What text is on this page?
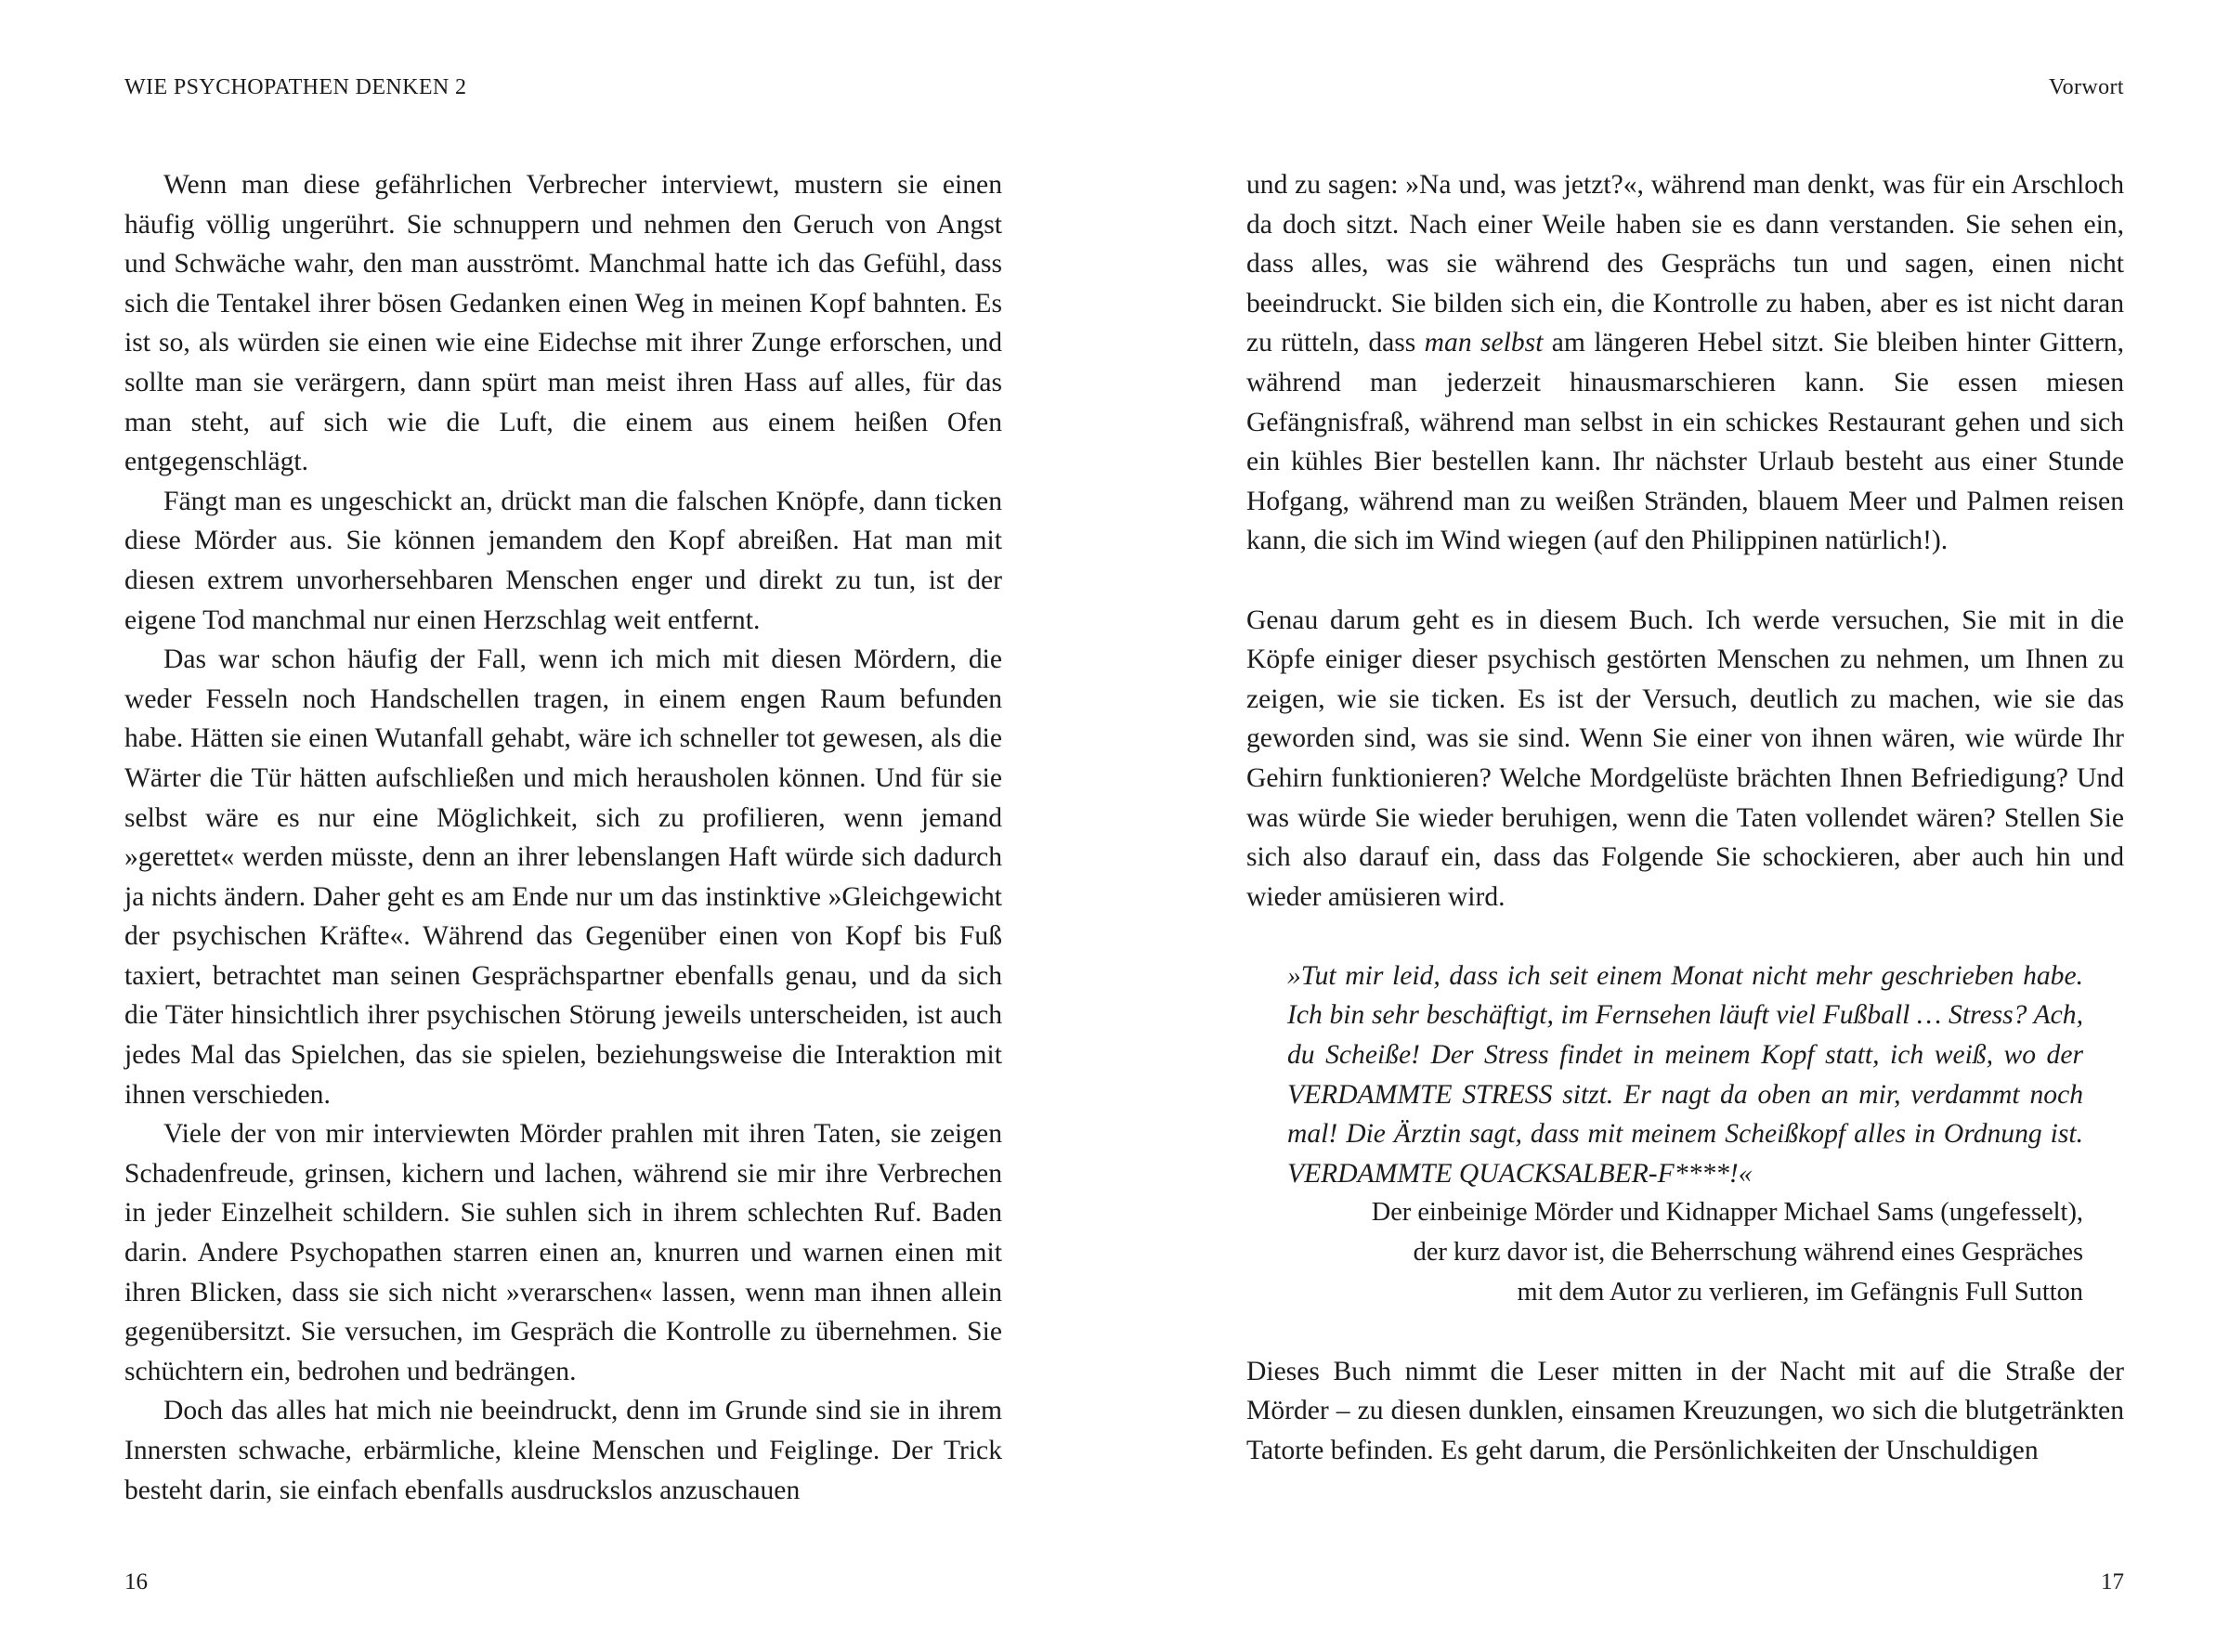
WIE PSYCHOPATHEN DENKEN 2

Wenn man diese gefährlichen Verbrecher interviewt, mustern sie einen häufig völlig ungerührt. Sie schnuppern und nehmen den Geruch von Angst und Schwäche wahr, den man ausströmt. Manchmal hatte ich das Gefühl, dass sich die Tentakel ihrer bösen Gedanken einen Weg in meinen Kopf bahnten. Es ist so, als würden sie einen wie eine Eidechse mit ihrer Zunge erforschen, und sollte man sie verärgern, dann spürt man meist ihren Hass auf alles, für das man steht, auf sich wie die Luft, die einem aus einem heißen Ofen entgegenschlägt.

Fängt man es ungeschickt an, drückt man die falschen Knöpfe, dann ticken diese Mörder aus. Sie können jemandem den Kopf abreißen. Hat man mit diesen extrem unvorhersehbaren Menschen enger und direkt zu tun, ist der eigene Tod manchmal nur einen Herzschlag weit entfernt.

Das war schon häufig der Fall, wenn ich mich mit diesen Mördern, die weder Fesseln noch Handschellen tragen, in einem engen Raum befunden habe. Hätten sie einen Wutanfall gehabt, wäre ich schneller tot gewesen, als die Wärter die Tür hätten aufschließen und mich herausholen können. Und für sie selbst wäre es nur eine Möglichkeit, sich zu profilieren, wenn jemand »gerettet« werden müsste, denn an ihrer lebenslangen Haft würde sich dadurch ja nichts ändern. Daher geht es am Ende nur um das instinktive »Gleichgewicht der psychischen Kräfte«. Während das Gegenüber einen von Kopf bis Fuß taxiert, betrachtet man seinen Gesprächspartner ebenfalls genau, und da sich die Täter hinsichtlich ihrer psychischen Störung jeweils unterscheiden, ist auch jedes Mal das Spielchen, das sie spielen, beziehungsweise die Interaktion mit ihnen verschieden.

Viele der von mir interviewten Mörder prahlen mit ihren Taten, sie zeigen Schadenfreude, grinsen, kichern und lachen, während sie mir ihre Verbrechen in jeder Einzelheit schildern. Sie suhlen sich in ihrem schlechten Ruf. Baden darin. Andere Psychopathen starren einen an, knurren und warnen einen mit ihren Blicken, dass sie sich nicht »verarschen« lassen, wenn man ihnen allein gegenübersitzt. Sie versuchen, im Gespräch die Kontrolle zu übernehmen. Sie schüchtern ein, bedrohen und bedrängen.

Doch das alles hat mich nie beeindruckt, denn im Grunde sind sie in ihrem Innersten schwache, erbärmliche, kleine Menschen und Feiglinge. Der Trick besteht darin, sie einfach ebenfalls ausdruckslos anzuschauen

16
Vorwort

und zu sagen: »Na und, was jetzt?«, während man denkt, was für ein Arschloch da doch sitzt. Nach einer Weile haben sie es dann verstanden. Sie sehen ein, dass alles, was sie während des Gesprächs tun und sagen, einen nicht beeindruckt. Sie bilden sich ein, die Kontrolle zu haben, aber es ist nicht daran zu rütteln, dass man selbst am längeren Hebel sitzt. Sie bleiben hinter Gittern, während man jederzeit hinausmarschieren kann. Sie essen miesen Gefängnisfraß, während man selbst in ein schickes Restaurant gehen und sich ein kühles Bier bestellen kann. Ihr nächster Urlaub besteht aus einer Stunde Hofgang, während man zu weißen Stränden, blauem Meer und Palmen reisen kann, die sich im Wind wiegen (auf den Philippinen natürlich!).

Genau darum geht es in diesem Buch. Ich werde versuchen, Sie mit in die Köpfe einiger dieser psychisch gestörten Menschen zu nehmen, um Ihnen zu zeigen, wie sie ticken. Es ist der Versuch, deutlich zu machen, wie sie das geworden sind, was sie sind. Wenn Sie einer von ihnen wären, wie würde Ihr Gehirn funktionieren? Welche Mordgelüste brächten Ihnen Befriedigung? Und was würde Sie wieder beruhigen, wenn die Taten vollendet wären? Stellen Sie sich also darauf ein, dass das Folgende Sie schockieren, aber auch hin und wieder amüsieren wird.

»Tut mir leid, dass ich seit einem Monat nicht mehr geschrieben habe. Ich bin sehr beschäftigt, im Fernsehen läuft viel Fußball … Stress? Ach, du Scheiße! Der Stress findet in meinem Kopf statt, ich weiß, wo der VERDAMMTE STRESS sitzt. Er nagt da oben an mir, verdammt noch mal! Die Ärztin sagt, dass mit meinem Scheißkopf alles in Ordnung ist. VERDAMMTE QUACKSALBER-F****!«

Der einbeinige Mörder und Kidnapper Michael Sams (ungefesselt),
der kurz davor ist, die Beherrschung während eines Gespräches
mit dem Autor zu verlieren, im Gefängnis Full Sutton

Dieses Buch nimmt die Leser mitten in der Nacht mit auf die Straße der Mörder – zu diesen dunklen, einsamen Kreuzungen, wo sich die blutgetränkten Tatorte befinden. Es geht darum, die Persönlichkeiten der Unschuldigen

17
